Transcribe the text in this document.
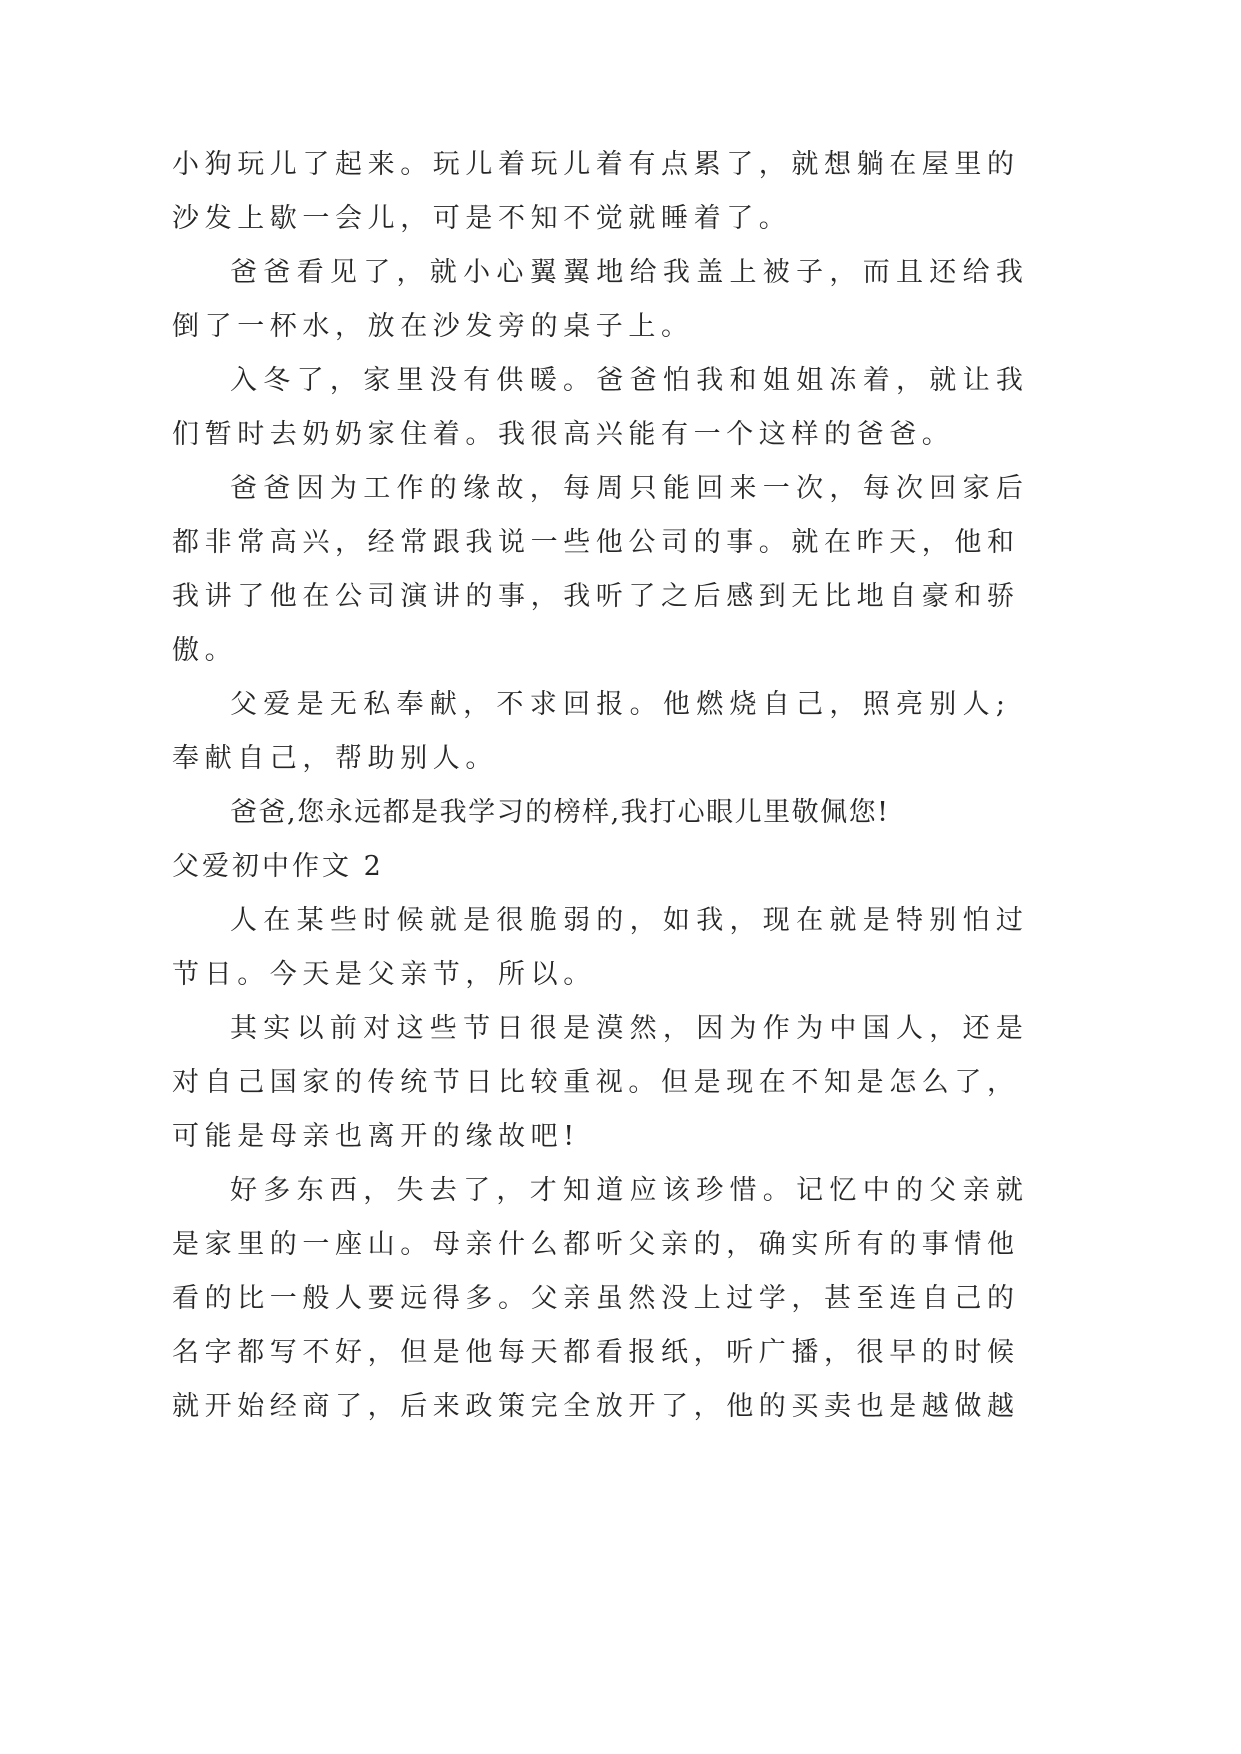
小狗玩儿了起来。玩儿着玩儿着有点累了，就想躺在屋里的
沙发上歇一会儿，可是不知不觉就睡着了。
爸爸看见了，就小心翼翼地给我盖上被子，而且还给我
倒了一杯水，放在沙发旁的桌子上。
入冬了，家里没有供暖。爸爸怕我和姐姐冻着，就让我
们暂时去奶奶家住着。我很高兴能有一个这样的爸爸。
爸爸因为工作的缘故，每周只能回来一次，每次回家后
都非常高兴，经常跟我说一些他公司的事。就在昨天，他和
我讲了他在公司演讲的事，我听了之后感到无比地自豪和骄
傲。
父爱是无私奉献，不求回报。他燃烧自己，照亮别人;
奉献自己，帮助别人。
爸爸,您永远都是我学习的榜样,我打心眼儿里敬佩您!
父爱初中作文 2
人在某些时候就是很脆弱的，如我，现在就是特别怕过
节日。今天是父亲节，所以。
其实以前对这些节日很是漠然，因为作为中国人，还是
对自己国家的传统节日比较重视。但是现在不知是怎么了，
可能是母亲也离开的缘故吧!
好多东西，失去了，才知道应该珍惜。记忆中的父亲就
是家里的一座山。母亲什么都听父亲的，确实所有的事情他
看的比一般人要远得多。父亲虽然没上过学，甚至连自己的
名字都写不好，但是他每天都看报纸，听广播，很早的时候
就开始经商了，后来政策完全放开了，他的买卖也是越做越
